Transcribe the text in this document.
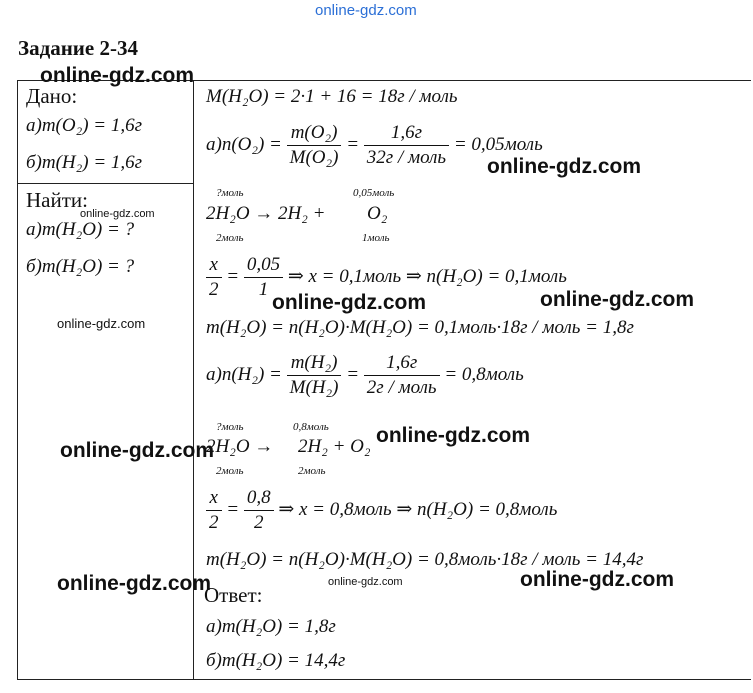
online-gdz.com
Задание 2-34
Дано:
а)m(O₂) = 1,6г
б)m(H₂) = 1,6г
Найти:
а)m(H₂O) = ?
б)m(H₂O) = ?
M(H₂O) = 2·1 + 16 = 18г / моль
$а)n(O_2) = \frac{\text{m(O₂)}}{\text{M(O₂)}} = \frac{1,6г}{\text{32г / моль}}$ = 0,05моль
?моль	0,05моль
2H₂O → 2H₂ + O₂
2моль	1моль
$\frac{x}{2} = \frac{0,05}{1}$ ⇒ x = 0,1моль ⇒ n(H₂O) = 0,1моль
m(H₂O) = n(H₂O)·M(H₂O) = 0,1моль·18г / моль = 1,8г
$а)n(H_2) = \frac{\text{m(H₂)}}{\text{M(H₂)}} = \frac{1,6г}{\text{2г / моль}}$ = 0,8моль
?моль	0,8моль
2H₂O → 2H₂ + O₂
2моль	2моль
$\frac{x}{2} = \frac{0,8}{2}$ ⇒ x = 0,8моль ⇒ n(H₂O) = 0,8моль
m(H₂O) = n(H₂O)·M(H₂O) = 0,8моль·18г / моль = 14,4г
Ответ:
а)m(H₂O) = 1,8г
б)m(H₂O) = 14,4г
online-gdz.com
online-gdz.com
online-gdz.com
online-gdz.com	online-gdz.com
online-gdz.com
online-gdz.com
online-gdz.com
online-gdz.com	online-gdz.com	online-gdz.com
